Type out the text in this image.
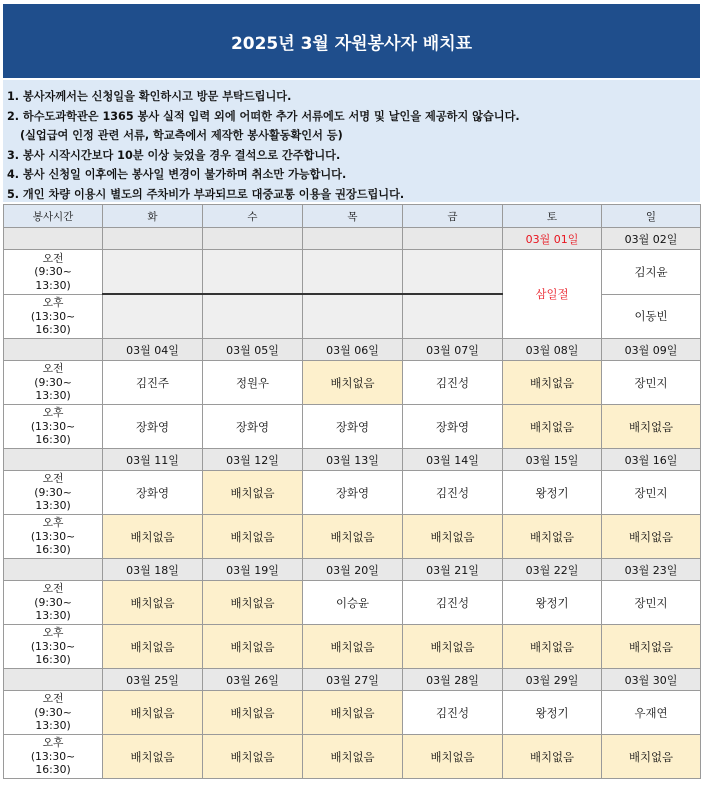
2025년 3월 자원봉사자 배치표
1. 봉사자께서는 신청일을 확인하시고 방문 부탁드립니다.
2. 하수도과학관은 1365 봉사 실적 입력 외에 어떠한 추가 서류에도 서명 및 날인을 제공하지 않습니다.
(실업급여 인정 관련 서류, 학교측에서 제작한 봉사활동확인서 등)
3. 봉사 시작시간보다 10분 이상 늦었을 경우 결석으로 간주합니다.
4. 봉사 신청일 이후에는 봉사일 변경이 불가하며 취소만 가능합니다.
5. 개인 차량 이용시 별도의 주차비가 부과되므로 대중교통 이용을 권장드립니다.
봉사시간	화	수	목	금	토	일
					03월 01일	03월 02일
오전
(9:30~
13:30)					삼일절	김지윤
오후
(13:30~
16:30)						이동빈
	03월 04일	03월 05일	03월 06일	03월 07일	03월 08일	03월 09일
오전
(9:30~
13:30)	김진주	정원우	배치없음	김진성	배치없음	장민지
오후
(13:30~
16:30)	장화영	장화영	장화영	장화영	배치없음	배치없음
	03월 11일	03월 12일	03월 13일	03월 14일	03월 15일	03월 16일
오전
(9:30~
13:30)	장화영	배치없음	장화영	김진성	왕정기	장민지
오후
(13:30~
16:30)	배치없음	배치없음	배치없음	배치없음	배치없음	배치없음
	03월 18일	03월 19일	03월 20일	03월 21일	03월 22일	03월 23일
오전
(9:30~
13:30)	배치없음	배치없음	이승윤	김진성	왕정기	장민지
오후
(13:30~
16:30)	배치없음	배치없음	배치없음	배치없음	배치없음	배치없음
	03월 25일	03월 26일	03월 27일	03월 28일	03월 29일	03월 30일
오전
(9:30~
13:30)	배치없음	배치없음	배치없음	김진성	왕정기	우재연
오후
(13:30~
16:30)	배치없음	배치없음	배치없음	배치없음	배치없음	배치없음
